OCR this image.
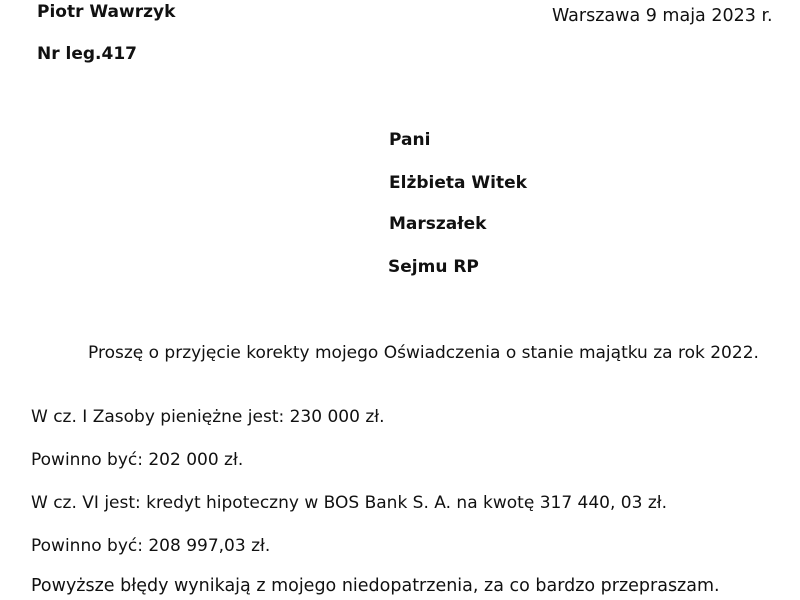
Piotr Wawrzyk
Nr leg.417
Warszawa 9 maja 2023 r.
Pani
Elżbieta Witek
Marszałek
Sejmu RP
Proszę o przyjęcie korekty mojego Oświadczenia o stanie majątku za rok 2022.
W cz. I Zasoby pieniężne jest: 230 000 zł.
Powinno być: 202 000 zł.
W cz. VI jest: kredyt hipoteczny w BOS Bank S. A. na kwotę 317 440, 03 zł.
Powinno być: 208 997,03 zł.
Powyższe błędy wynikają z mojego niedopatrzenia, za co bardzo przepraszam.
